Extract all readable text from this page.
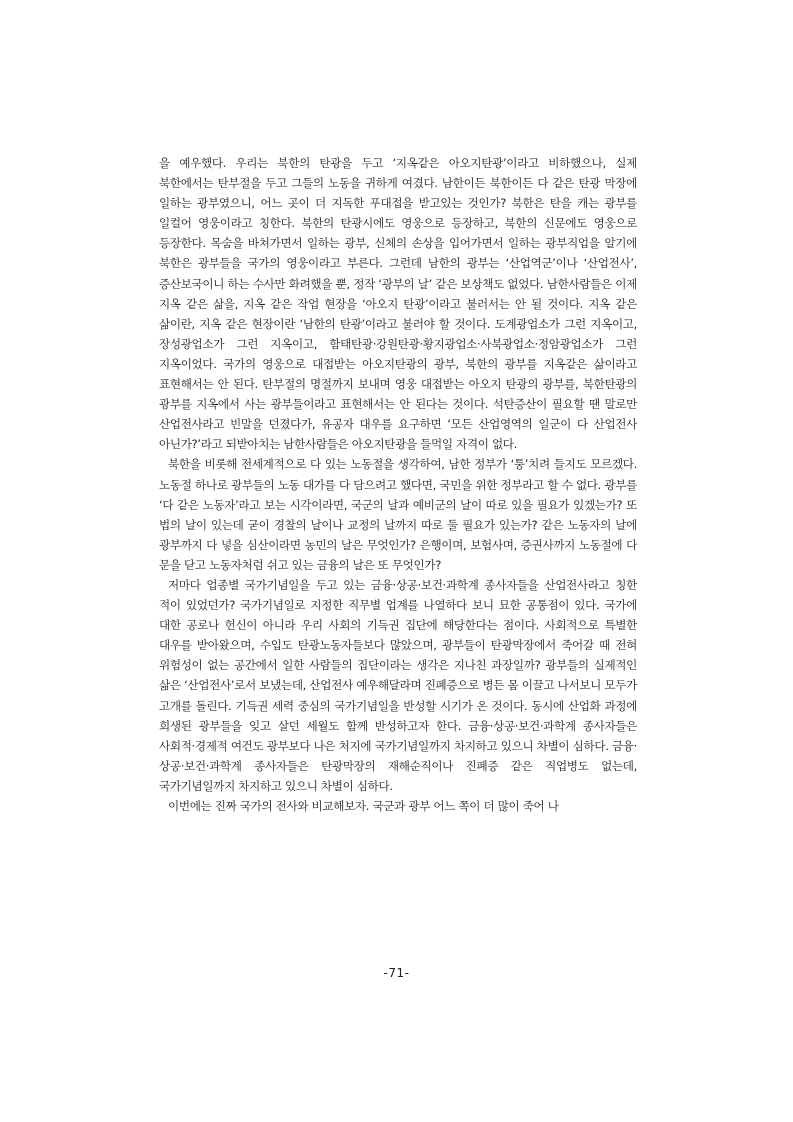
을 예우했다. 우리는 북한의 탄광을 두고 ‘지옥같은 아오지탄광’이라고 비하했으나, 실제 북한에서는 탄부절을 두고 그들의 노동을 귀하게 여겼다. 남한이든 북한이든 다 같은 탄광 막장에 일하는 광부였으니, 어느 곳이 더 지독한 푸대접을 받고있는 것인가? 북한은 탄을 캐는 광부를 일컬어 영웅이라고 칭한다. 북한의 탄광시에도 영웅으로 등장하고, 북한의 신문에도 영웅으로 등장한다. 목숨을 바쳐가면서 일하는 광부, 신체의 손상을 입어가면서 일하는 광부직업을 알기에 북한은 광부들을 국가의 영웅이라고 부른다. 그런데 남한의 광부는 ‘산업역군’이나 ‘산업전사’, 증산보국이니 하는 수사만 화려했을 뿐, 정작 ‘광부의 날’ 같은 보상책도 없었다. 남한사람들은 이제 지옥 같은 삶을, 지옥 같은 작업 현장을 ‘아오지 탄광’이라고 불러서는 안 될 것이다. 지옥 같은 삶이란, 지옥 같은 현장이란 ‘남한의 탄광’이라고 불러야 할 것이다. 도계광업소가 그런 지옥이고, 장성광업소가 그런 지옥이고, 함태탄광·강원탄광·황지광업소·사북광업소·정암광업소가 그런 지옥이었다. 국가의 영웅으로 대접받는 아오지탄광의 광부, 북한의 광부를 지옥같은 삶이라고 표현해서는 안 된다. 탄부절의 명절까지 보내며 영웅 대접받는 아오지 탄광의 광부를, 북한탄광의 광부를 지옥에서 사는 광부들이라고 표현해서는 안 된다는 것이다. 석탄증산이 필요할 땐 말로만 산업전사라고 빈말을 던졌다가, 유공자 대우를 요구하면 ‘모든 산업영역의 일군이 다 산업전사 아닌가?’라고 되받아치는 남한사람들은 아오지탄광을 들먹일 자격이 없다.

북한을 비롯해 전세계적으로 다 있는 노동절을 생각하여, 남한 정부가 ‘퉁’치려 들지도 모르겠다. 노동절 하나로 광부들의 노동 대가를 다 담으려고 했다면, 국민을 위한 정부라고 할 수 없다. 광부를 ‘다 같은 노동자’라고 보는 시각이라면, 국군의 날과 예비군의 날이 따로 있을 필요가 있겠는가? 또 법의 날이 있는데 굳이 경찰의 날이나 교정의 날까지 따로 둘 필요가 있는가? 같은 노동자의 날에 광부까지 다 넣을 심산이라면 농민의 날은 무엇인가? 은행이며, 보험사며, 증권사까지 노동절에 다 문을 닫고 노동자처럼 쉬고 있는 금융의 날은 또 무엇인가?

저마다 업종별 국가기념일을 두고 있는 금융·상공·보건·과학계 종사자들을 산업전사라고 칭한 적이 있었던가? 국가기념일로 지정한 직무별 업계를 나열하다 보니 묘한 공통점이 있다. 국가에 대한 공로나 헌신이 아니라 우리 사회의 기득권 집단에 해당한다는 점이다. 사회적으로 특별한 대우를 받아왔으며, 수입도 탄광노동자들보다 많았으며, 광부들이 탄광막장에서 죽어갈 때 전혀 위험성이 없는 공간에서 일한 사람들의 집단이라는 생각은 지나친 과장일까? 광부들의 실제적인 삶은 ‘산업전사’로서 보냈는데, 산업전사 예우해달라며 진폐증으로 병든 몸 이끌고 나서보니 모두가 고개를 돌린다. 기득권 세력 중심의 국가기념일을 반성할 시기가 온 것이다. 동시에 산업화 과정에 희생된 광부들을 잊고 살던 세월도 함께 반성하고자 한다. 금융·상공·보건·과학계 종사자들은 사회적·경제적 여건도 광부보다 나은 처지에 국가기념일까지 차지하고 있으니 차별이 심하다. 금융·상공·보건·과학계 종사자들은 탄광막장의 재해순직이나 진폐증 같은 직업병도 없는데, 국가기념일까지 차지하고 있으니 차별이 심하다.

이번에는 진짜 국가의 전사와 비교해보자. 국군과 광부 어느 쪽이 더 많이 죽어 나

-71-
